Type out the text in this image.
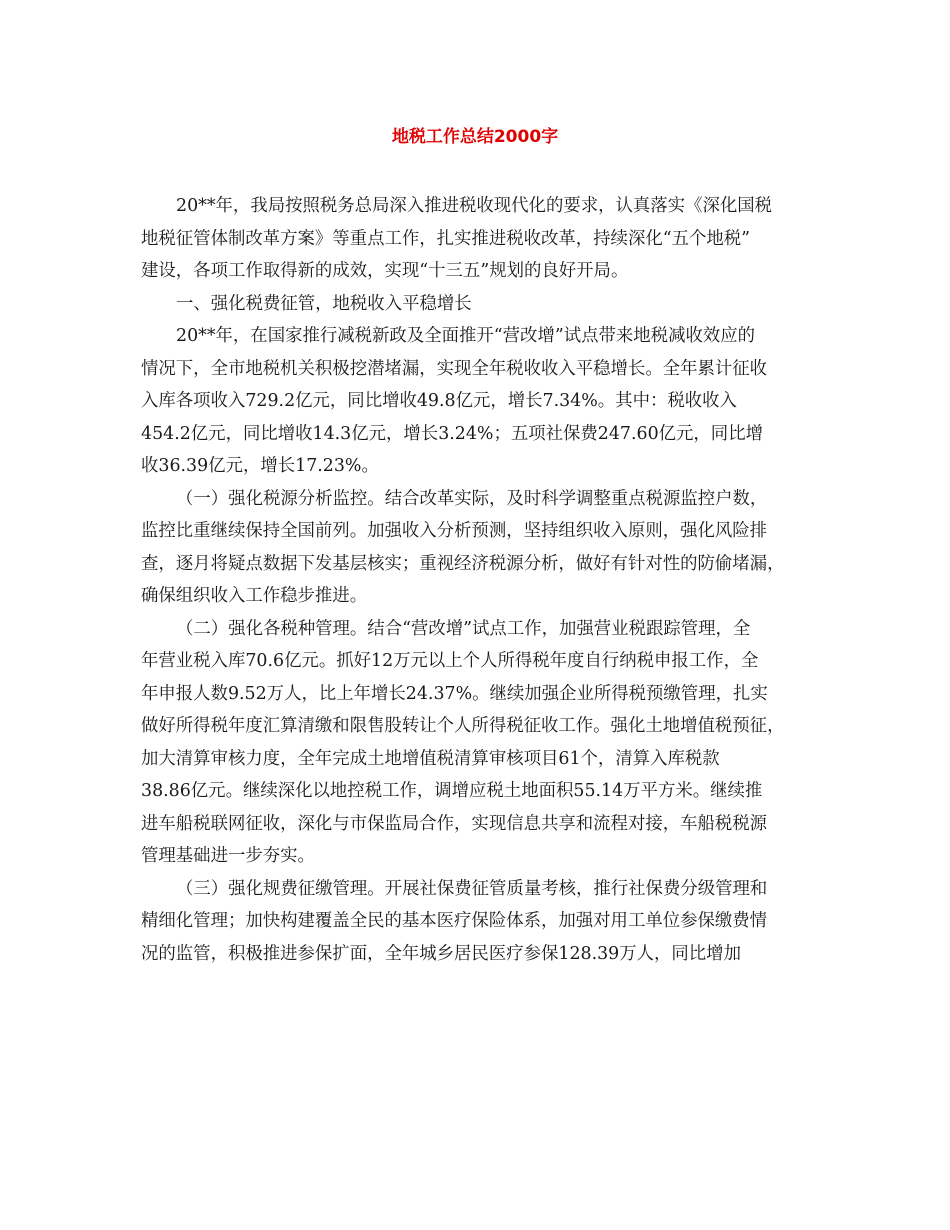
地税工作总结2000字
20**年，我局按照税务总局深入推进税收现代化的要求，认真落实《深化国税
地税征管体制改革方案》等重点工作，扎实推进税收改革，持续深化“五个地税”
建设，各项工作取得新的成效，实现“十三五”规划的良好开局。
一、强化税费征管，地税收入平稳增长
20**年，在国家推行减税新政及全面推开“营改增”试点带来地税减收效应的
情况下，全市地税机关积极挖潜堵漏，实现全年税收收入平稳增长。全年累计征收
入库各项收入729.2亿元，同比增收49.8亿元，增长7.34%。其中：税收收入
454.2亿元，同比增收14.3亿元，增长3.24%；五项社保费247.60亿元，同比增
收36.39亿元，增长17.23%。
（一）强化税源分析监控。结合改革实际，及时科学调整重点税源监控户数，
监控比重继续保持全国前列。加强收入分析预测，坚持组织收入原则，强化风险排
查，逐月将疑点数据下发基层核实；重视经济税源分析，做好有针对性的防偷堵漏，
确保组织收入工作稳步推进。
（二）强化各税种管理。结合“营改增”试点工作，加强营业税跟踪管理，全
年营业税入库70.6亿元。抓好12万元以上个人所得税年度自行纳税申报工作，全
年申报人数9.52万人，比上年增长24.37%。继续加强企业所得税预缴管理，扎实
做好所得税年度汇算清缴和限售股转让个人所得税征收工作。强化土地增值税预征，
加大清算审核力度，全年完成土地增值税清算审核项目61个，清算入库税款
38.86亿元。继续深化以地控税工作，调增应税土地面积55.14万平方米。继续推
进车船税联网征收，深化与市保监局合作，实现信息共享和流程对接，车船税税源
管理基础进一步夯实。
（三）强化规费征缴管理。开展社保费征管质量考核，推行社保费分级管理和
精细化管理；加快构建覆盖全民的基本医疗保险体系，加强对用工单位参保缴费情
况的监管，积极推进参保扩面，全年城乡居民医疗参保128.39万人，同比增加
